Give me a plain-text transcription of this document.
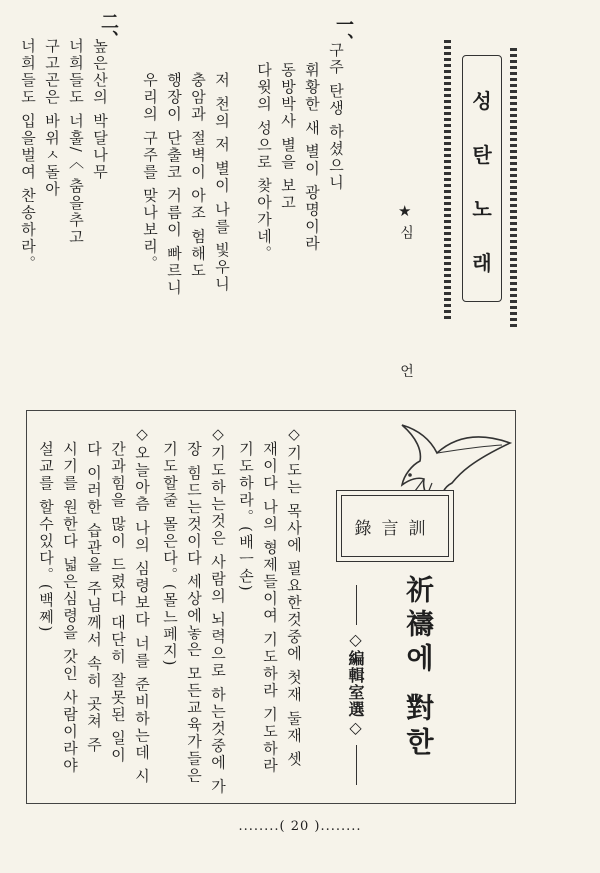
성
탄
노
래
★
심 언
一、
구주 탄생 하셨으니
휘황한 새 별이 광명이라
동방박사 별을 보고
다윗의 성으로 찾아가네。
저 천의 저 별이 나를 빛우니
충암과 절벽이 아조 험해도
행장이 단출코 거름이 빠르니
우리의 구주를 맞나보리。
二、
높은산의 박달나무
너희들도 너훌/〈 춤을추고
구고곤은 바위ㅅ돌아
너희들도 입을벌여 찬송하라。
錄言訓
祈禱에 對한
◇編輯室選◇
◇기도는 목사에 필요한것중에 첫재 둘재 셋
재이다 나의 형제들이여 기도하라 기도하라
기도하라。(배ㅡ손)
◇기도하는것은 사람의 뇌력으로 하는것중에 가
장 힘드는것이다 세상에놓은 모든교육가들은
기도할줄 몰은다。(몰느페지)
◇오늘아츰 나의 심령보다 너를 준비하는데 시
간과힘을 많이 드렸다 대단히 잘못된 일이
다 이러한 습관을 주님께서 속히 곳쳐 주
시기를 원한다 넓은심령을 갓인 사람이라야
설교를 할수있다。(백쩨)
........( 20 )........
